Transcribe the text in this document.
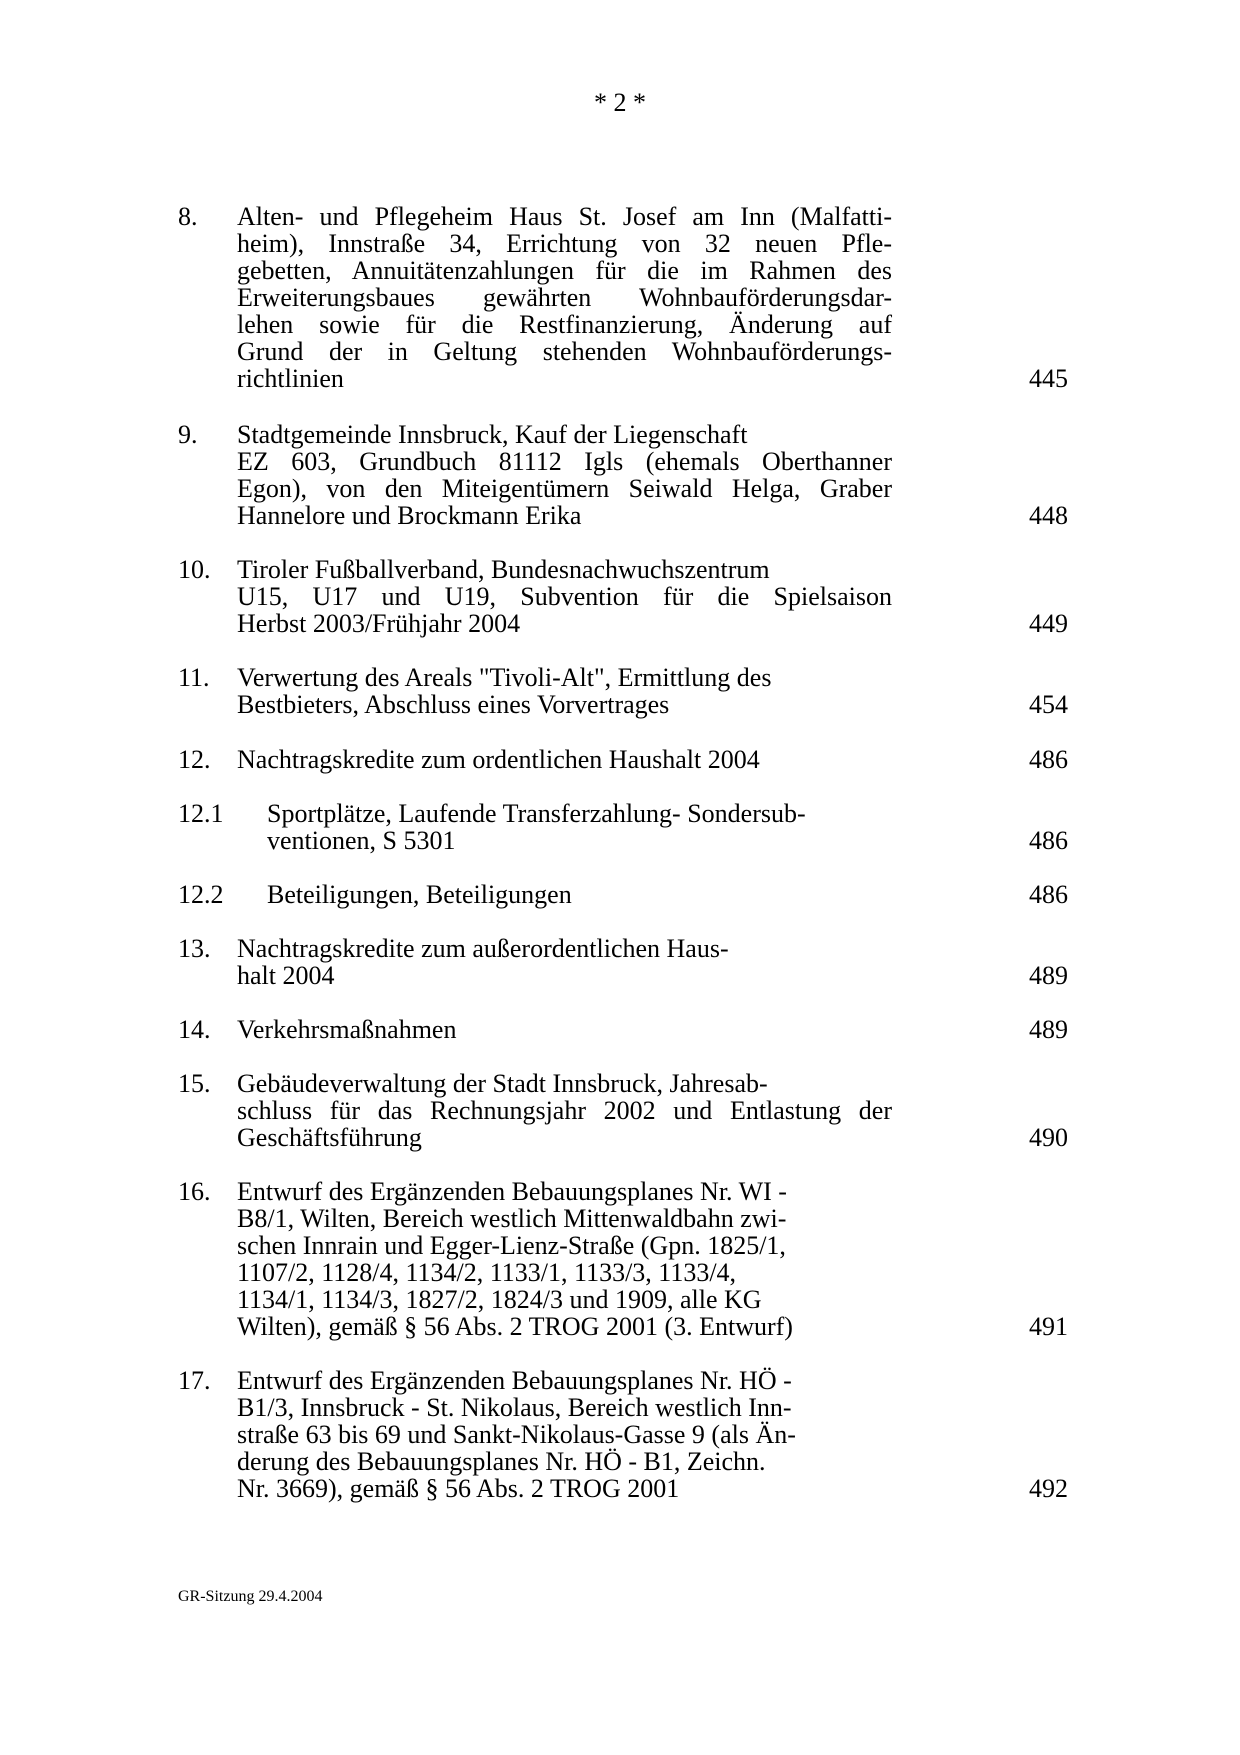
* 2 *
8. Alten- und Pflegeheim Haus St. Josef am Inn (Malfatti-
heim), Innstraße 34, Errichtung von 32 neuen Pfle-
gebetten, Annuitätenzahlungen für die im Rahmen des
Erweiterungsbaues gewährten Wohnbauförderungsdar-
lehen sowie für die Restfinanzierung, Änderung auf
Grund der in Geltung stehenden Wohnbauförderungs-
richtlinien	445
9. Stadtgemeinde Innsbruck, Kauf der Liegenschaft
EZ 603, Grundbuch 81112 Igls (ehemals Oberthanner
Egon), von den Miteigentümern Seiwald Helga, Graber
Hannelore und Brockmann Erika	448
10. Tiroler Fußballverband, Bundesnachwuchszentrum
U15, U17 und U19, Subvention für die Spielsaison
Herbst 2003/Frühjahr 2004	449
11. Verwertung des Areals "Tivoli-Alt", Ermittlung des
Bestbieters, Abschluss eines Vorvertrages	454
12. Nachtragskredite zum ordentlichen Haushalt 2004	486
12.1 Sportplätze, Laufende Transferzahlung- Sondersub-
ventionen, S 5301	486
12.2 Beteiligungen, Beteiligungen	486
13. Nachtragskredite zum außerordentlichen Haus-
halt 2004	489
14. Verkehrsmaßnahmen	489
15. Gebäudeverwaltung der Stadt Innsbruck, Jahresab-
schluss für das Rechnungsjahr 2002 und Entlastung der
Geschäftsführung	490
16. Entwurf des Ergänzenden Bebauungsplanes Nr. WI -
B8/1, Wilten, Bereich westlich Mittenwaldbahn zwi-
schen Innrain und Egger-Lienz-Straße (Gpn. 1825/1,
1107/2, 1128/4, 1134/2, 1133/1, 1133/3, 1133/4,
1134/1, 1134/3, 1827/2, 1824/3 und 1909, alle KG
Wilten), gemäß § 56 Abs. 2 TROG 2001 (3. Entwurf)	491
17. Entwurf des Ergänzenden Bebauungsplanes Nr. HÖ -
B1/3, Innsbruck - St. Nikolaus, Bereich westlich Inn-
straße 63 bis 69 und Sankt-Nikolaus-Gasse 9 (als Än-
derung des Bebauungsplanes Nr. HÖ - B1, Zeichn.
Nr. 3669), gemäß § 56 Abs. 2 TROG 2001	492
GR-Sitzung 29.4.2004
